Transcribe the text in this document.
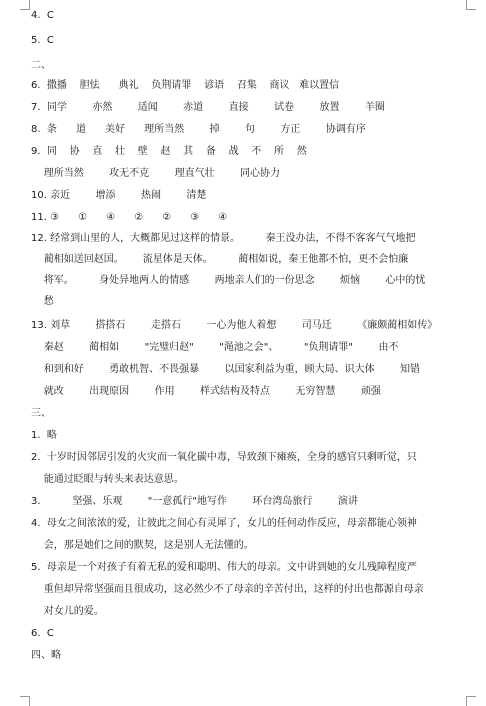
4.  C
5.  C
二、
6.  撒播    胆怯      典礼    负荆请罪    谚语    召集    商议   难以置信
7.  同学        亦然        适闻        赤道        直接        试卷        放置        羊圈
8.  条      道      美好      理所当然        掉        句        方正        协调有序
9.  同    协    直    壮    壁    赵    其    备    战    不    所    然
理所当然        攻无不克        理直气壮        同心协力
10. 亲近        增添        热闹        清楚
11. ③      ①      ④      ②      ②      ③      ④
12. 经常到山里的人，大概都见过这样的情景。        秦王没办法，不得不客客气气地把
蔺相如送回赵国。      流星体是天体。        蔺相如说，秦王他都不怕，更不会怕廉
将军。        身处异地两人的情感        两地亲人们的一份思念        烦恼        心中的忧
愁
13. 刘草        搭搭石        走搭石        一心为他人着想        司马迁        《廉颇蔺相如传》
秦赵        蔺相如        "完璧归赵"        "渑池之会"、        "负荆请罪"        由不
和到和好        勇敢机智、不畏强暴        以国家利益为重，顾大局、识大体        知错
就改        出现原因        作用        样式结构及特点        无穷智慧        顽强
三、
1.  略
2.  十岁时因邻居引发的火灾而一氧化碳中毒，导致颈下瘫痪，全身的感官只剩听觉，只
能通过眨眼与转头来表达意思。
3.          坚强、乐观        "一意孤行"地写作        环台湾岛旅行        演讲
4.  母女之间浓浓的爱，让彼此之间心有灵犀了，女儿的任何动作反应，母亲都能心领神
会，那是她们之间的默契，这是别人无法懂的。
5.  母亲是一个对孩子有着无私的爱和聪明、伟大的母亲。文中讲到她的女儿残障程度严
重但却异常坚强而且很成功，这必然少不了母亲的辛苦付出，这样的付出也都源自母亲
对女儿的爱。
6.  C
四、略
